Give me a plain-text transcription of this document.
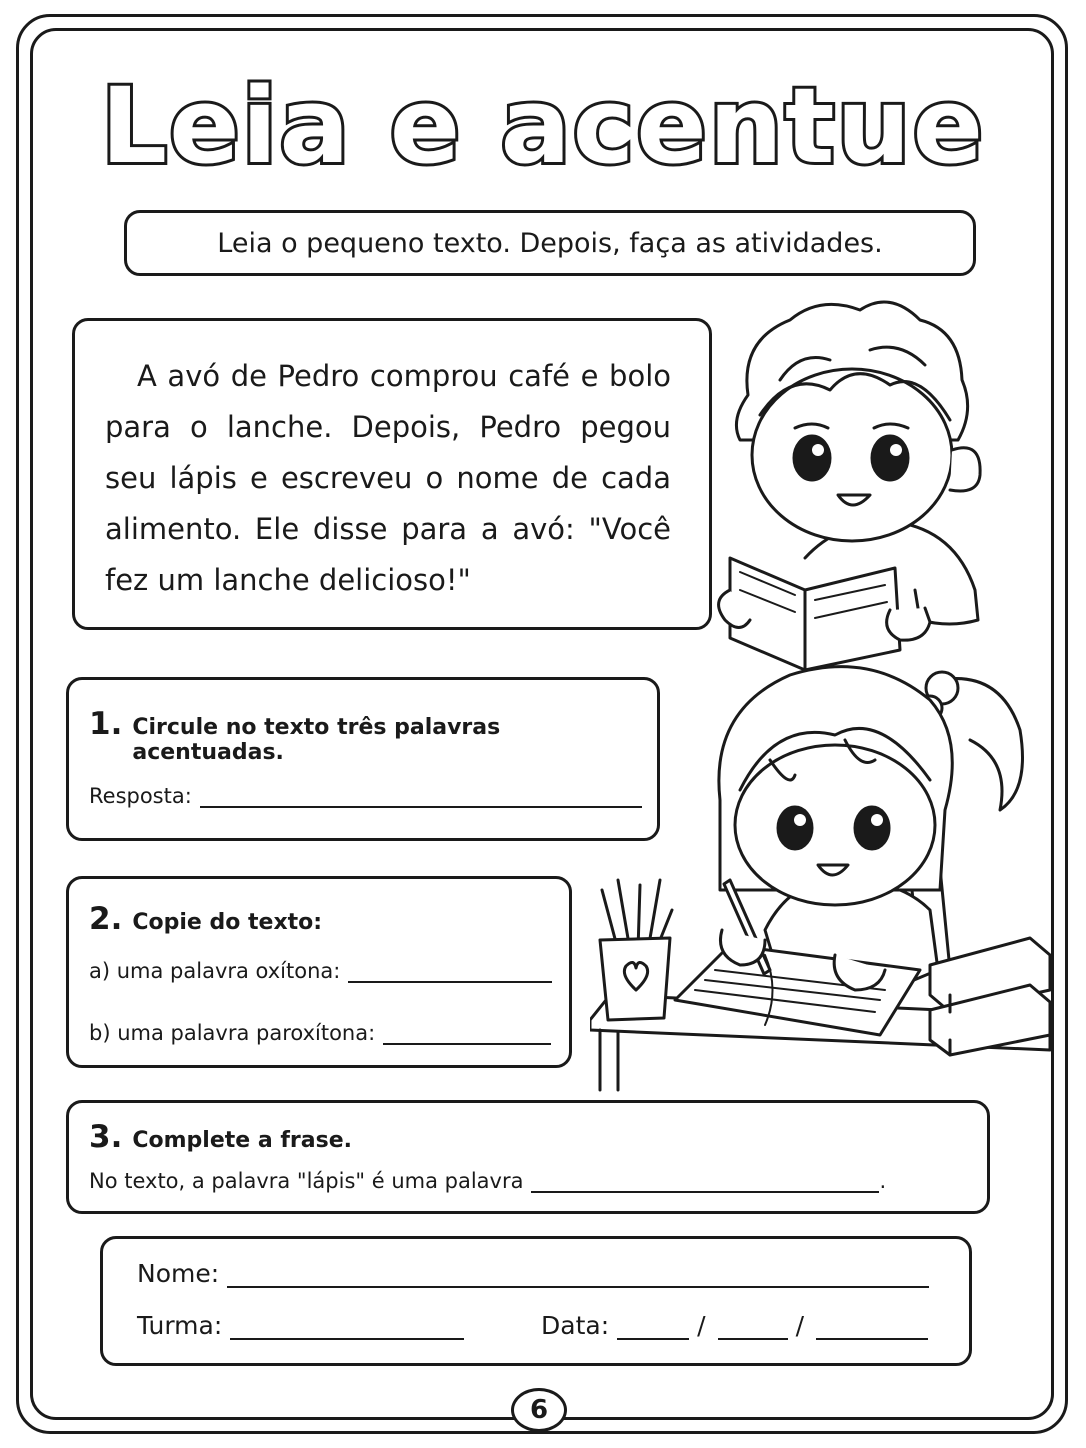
Leia e acentue
Leia o pequeno texto. Depois, faça as atividades.

A avó de Pedro comprou café e bolo para o lanche. Depois, Pedro pegou seu lápis e escreveu o nome de cada alimento. Ele disse para a avó: "Você fez um lanche delicioso!"

1. Circule no texto três palavras acentuadas.
Resposta:
2. Copie do texto:
a) uma palavra oxítona:
b) uma palavra paroxítona:
3. Complete a frase.
No texto, a palavra "lápis" é uma palavra	.
Nome:
Turma:	Data:	/	/
6
